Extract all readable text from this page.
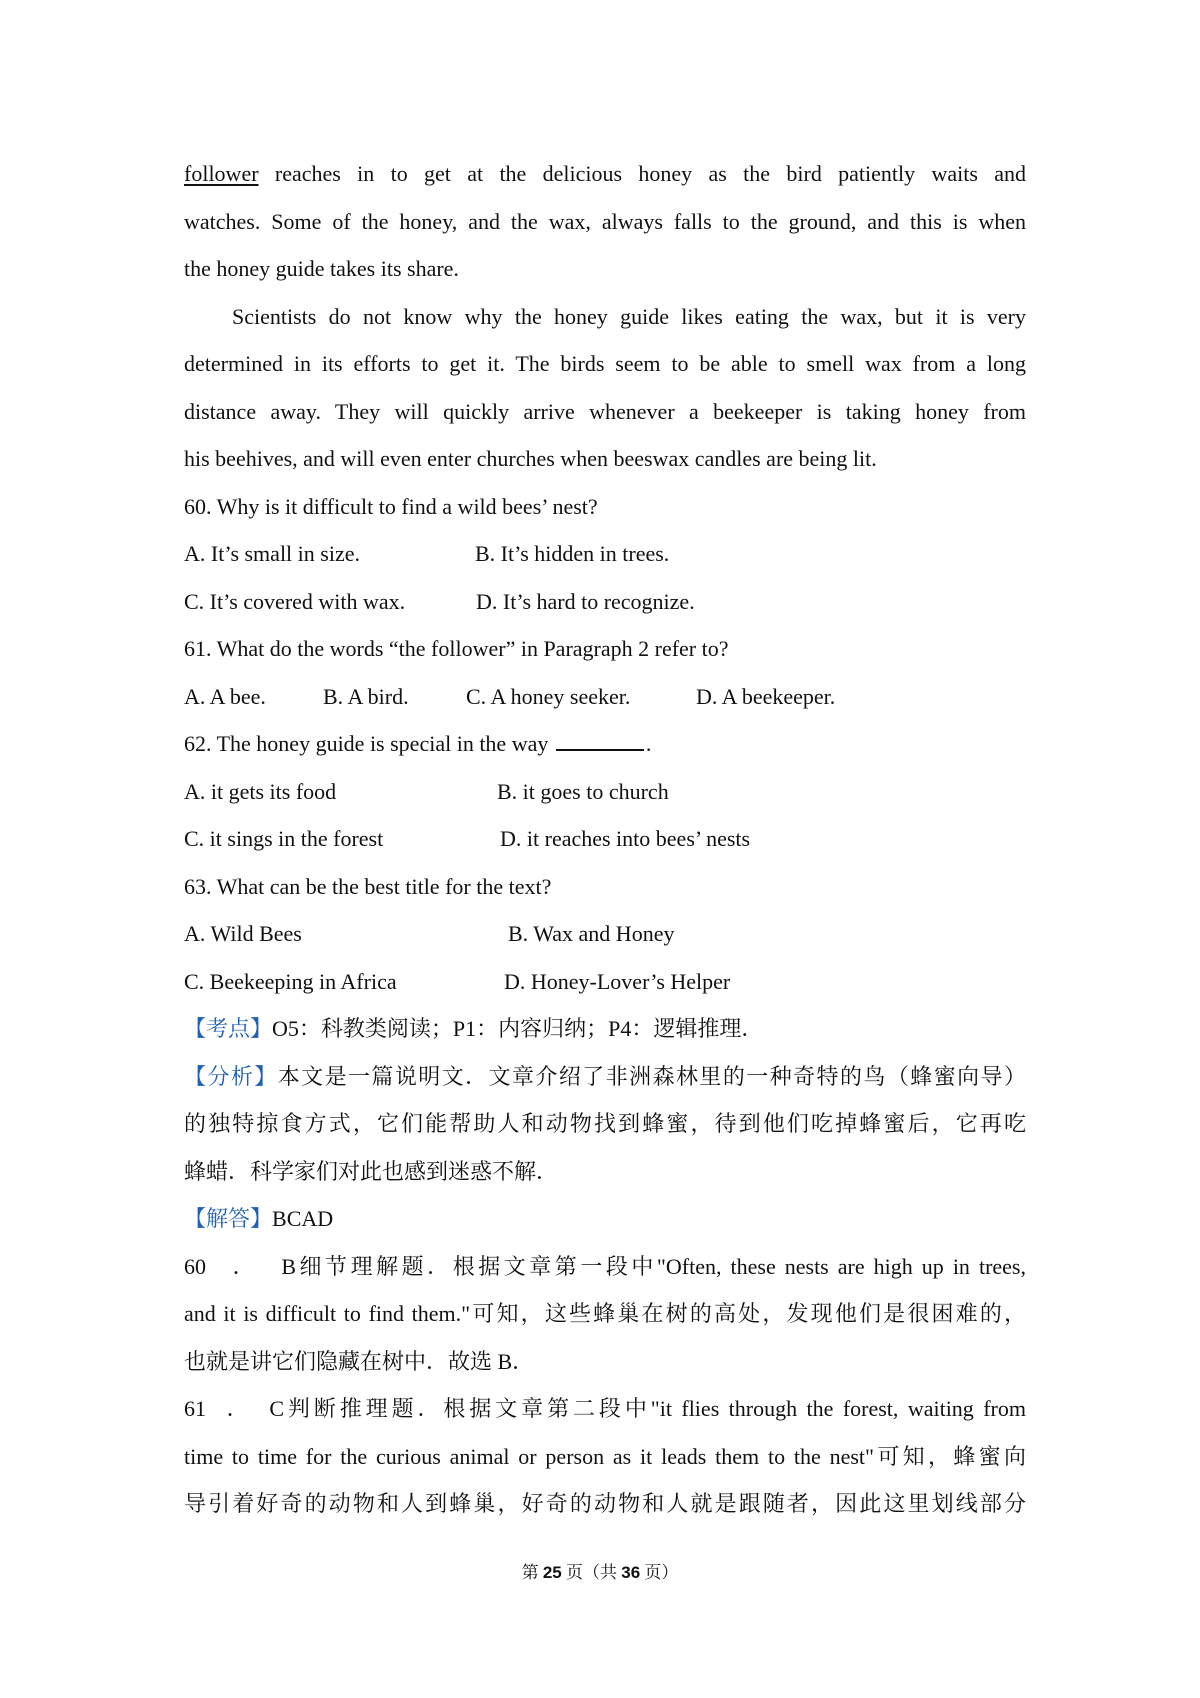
follower reaches in to get at the delicious honey as the bird patiently waits and
watches. Some of the honey, and the wax, always falls to the ground, and this is when
the honey guide takes its share.
Scientists do not know why the honey guide likes eating the wax, but it is very
determined in its efforts to get it. The birds seem to be able to smell wax from a long
distance away. They will quickly arrive whenever a beekeeper is taking honey from
his beehives, and will even enter churches when beeswax candles are being lit.
60. Why is it difficult to find a wild bees’ nest?
A. It’s small in size.	B. It’s hidden in trees.
C. It’s covered with wax.	D. It’s hard to recognize.
61. What do the words “the follower” in Paragraph 2 refer to?
A. A bee.	B. A bird.	C. A honey seeker.	D. A beekeeper.
62. The honey guide is special in the way	.
A. it gets its food	B. it goes to church
C. it sings in the forest	D. it reaches into bees’ nests
63. What can be the best title for the text?
A. Wild Bees	B. Wax and Honey
C. Beekeeping in Africa	D. Honey-Lover’s Helper
【考点】O5：科教类阅读；P1：内容归纳；P4：逻辑推理．
【分析】本文是一篇说明文．文章介绍了非洲森林里的一种奇特的鸟（蜂蜜向导）
的独特掠食方式，它们能帮助人和动物找到蜂蜜，待到他们吃掉蜂蜜后，它再吃
蜂蜡．科学家们对此也感到迷惑不解．
【解答】BCAD
60．B细节理解题．根据文章第一段中"Often, these nests are high up in trees,
and it is difficult to find them."可知，这些蜂巢在树的高处，发现他们是很困难的，
也就是讲它们隐藏在树中．故选 B．
61．C判断推理题．根据文章第二段中"it flies through the forest, waiting from
time to time for the curious animal or person as it leads them to the nest"可知，蜂蜜向
导引着好奇的动物和人到蜂巢，好奇的动物和人就是跟随者，因此这里划线部分
第 25 页（共 36 页）
